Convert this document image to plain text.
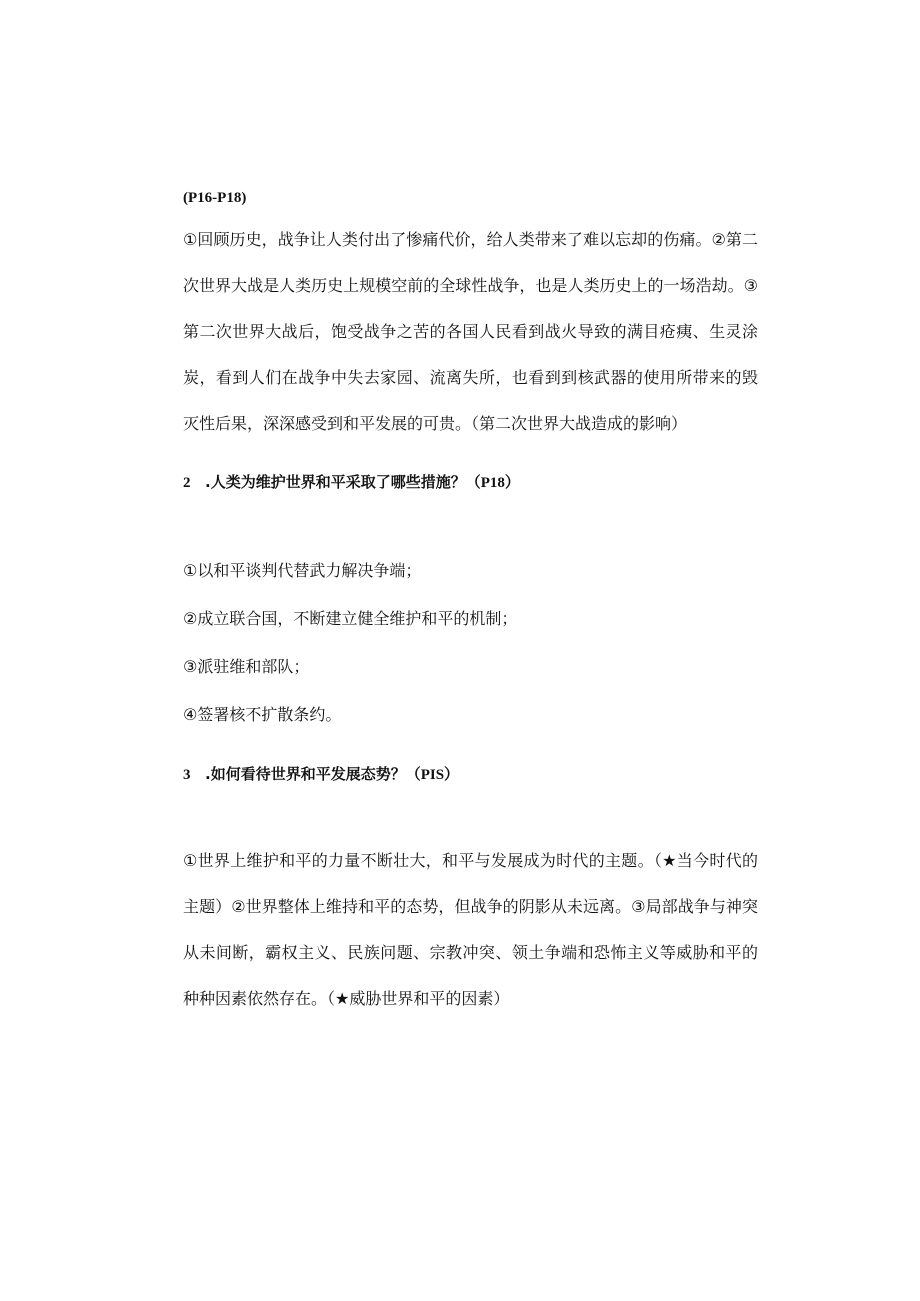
(P16-P18)

①回顾历史，战争让人类付出了惨痛代价，给人类带来了难以忘却的伤痛。②第二次世界大战是人类历史上规模空前的全球性战争，也是人类历史上的一场浩劫。③第二次世界大战后，饱受战争之苦的各国人民看到战火导致的满目疮痍、生灵涂炭，看到人们在战争中失去家园、流离失所，也看到到核武器的使用所带来的毁灭性后果，深深感受到和平发展的可贵。（第二次世界大战造成的影响）

2 .人类为维护世界和平采取了哪些措施？（P18）
①以和平谈判代替武力解决争端；
②成立联合国，不断建立健全维护和平的机制；
③派驻维和部队；
④签署核不扩散条约。
3 .如何看待世界和平发展态势？（PIS）

①世界上维护和平的力量不断壮大，和平与发展成为时代的主题。（★当今时代的主题）②世界整体上维持和平的态势，但战争的阴影从未远离。③局部战争与神突从未间断，霸权主义、民族问题、宗教冲突、领土争端和恐怖主义等威胁和平的种种因素依然存在。（★威胁世界和平的因素）
